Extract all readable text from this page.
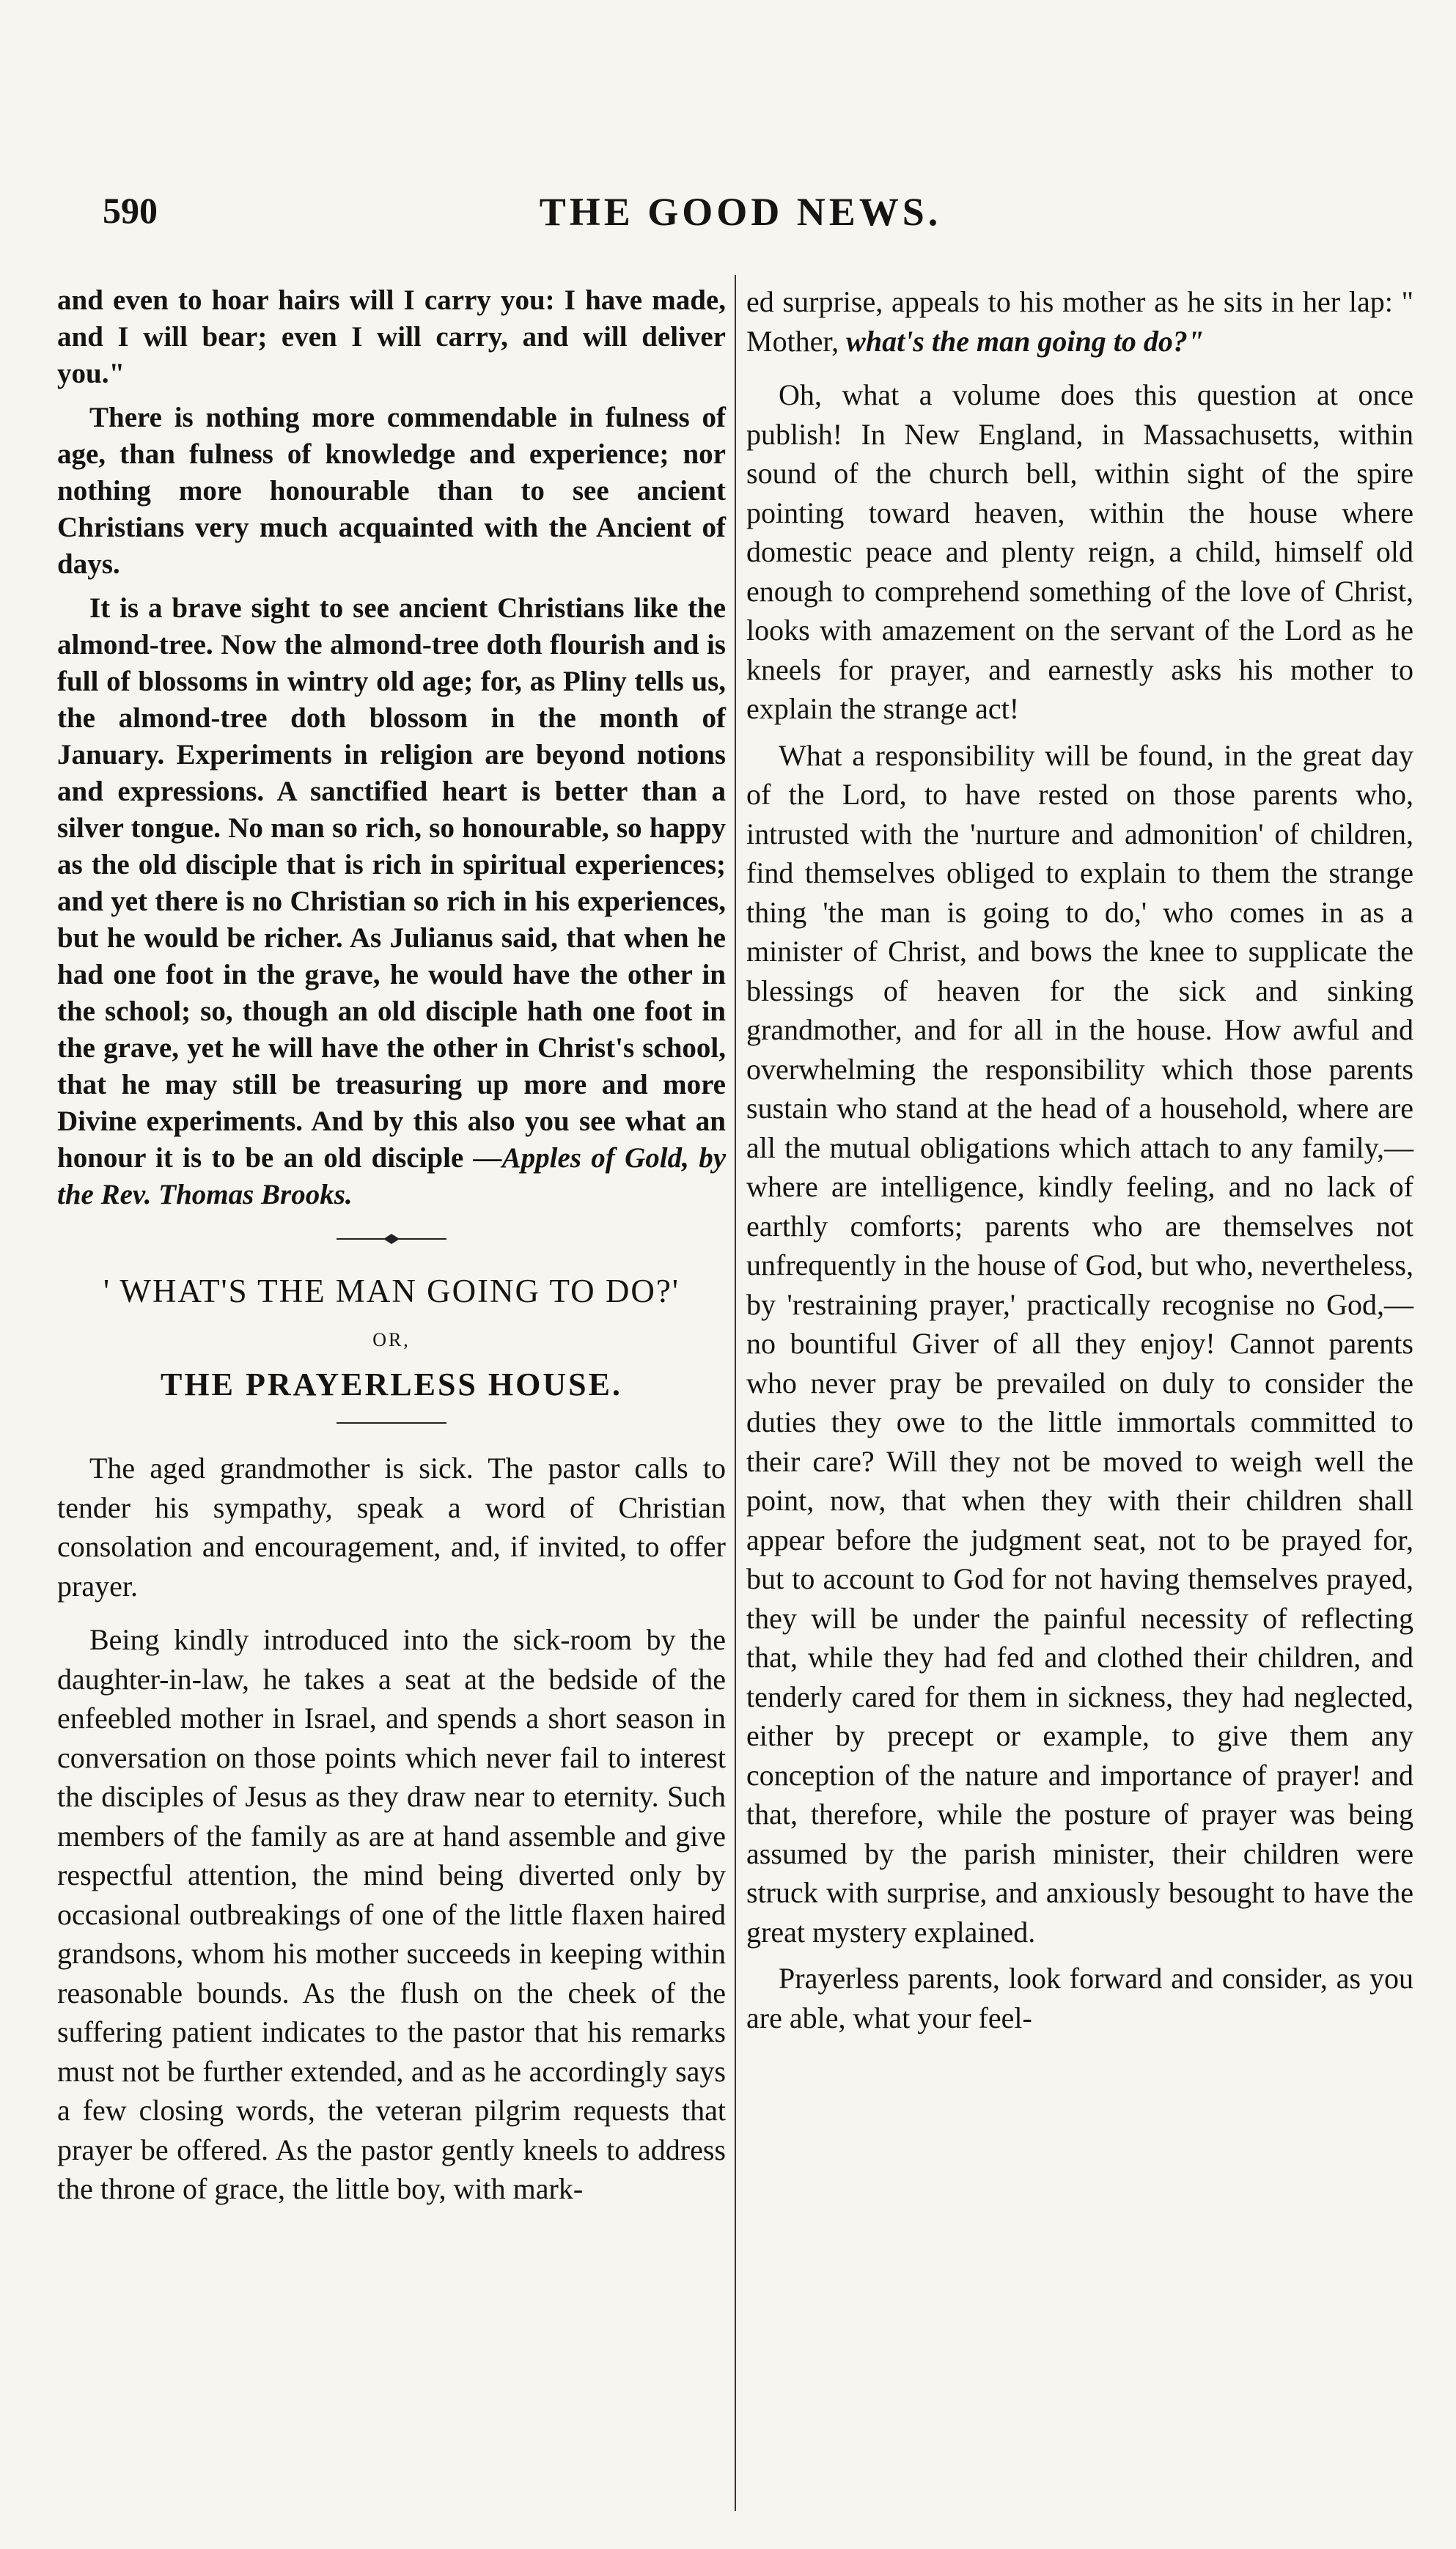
590	THE GOOD NEWS.

and even to hoar hairs will I carry you: I have made, and I will bear; even I will carry, and will deliver you."

There is nothing more commendable in fulness of age, than fulness of knowledge and experience; nor nothing more honourable than to see ancient Christians very much acquainted with the Ancient of days.

It is a brave sight to see ancient Christians like the almond-tree. Now the almond-tree doth flourish and is full of blossoms in wintry old age; for, as Pliny tells us, the almond-tree doth blossom in the month of January. Experiments in religion are beyond notions and expressions. A sanctified heart is better than a silver tongue. No man so rich, so honourable, so happy as the old disciple that is rich in spiritual experiences; and yet there is no Christian so rich in his experiences, but he would be richer. As Julianus said, that when he had one foot in the grave, he would have the other in the school; so, though an old disciple hath one foot in the grave, yet he will have the other in Christ's school, that he may still be treasuring up more and more Divine experiments. And by this also you see what an honour it is to be an old disciple —Apples of Gold, by the Rev. Thomas Brooks.

' WHAT'S THE MAN GOING TO DO?'
OR,
THE PRAYERLESS HOUSE.

The aged grandmother is sick. The pastor calls to tender his sympathy, speak a word of Christian consolation and encouragement, and, if invited, to offer prayer.

Being kindly introduced into the sick-room by the daughter-in-law, he takes a seat at the bedside of the enfeebled mother in Israel, and spends a short season in conversation on those points which never fail to interest the disciples of Jesus as they draw near to eternity. Such members of the family as are at hand assemble and give respectful attention, the mind being diverted only by occasional outbreakings of one of the little flaxen haired grandsons, whom his mother succeeds in keeping within reasonable bounds. As the flush on the cheek of the suffering patient indicates to the pastor that his remarks must not be further extended, and as he accordingly says a few closing words, the veteran pilgrim requests that prayer be offered. As the pastor gently kneels to address the throne of grace, the little boy, with mark-

ed surprise, appeals to his mother as he sits in her lap: " Mother, what's the man going to do?"

Oh, what a volume does this question at once publish! In New England, in Massachusetts, within sound of the church bell, within sight of the spire pointing toward heaven, within the house where domestic peace and plenty reign, a child, himself old enough to comprehend something of the love of Christ, looks with amazement on the servant of the Lord as he kneels for prayer, and earnestly asks his mother to explain the strange act!

What a responsibility will be found, in the great day of the Lord, to have rested on those parents who, intrusted with the 'nurture and admonition' of children, find themselves obliged to explain to them the strange thing 'the man is going to do,' who comes in as a minister of Christ, and bows the knee to supplicate the blessings of heaven for the sick and sinking grandmother, and for all in the house. How awful and overwhelming the responsibility which those parents sustain who stand at the head of a household, where are all the mutual obligations which attach to any family,—where are intelligence, kindly feeling, and no lack of earthly comforts; parents who are themselves not unfrequently in the house of God, but who, nevertheless, by 'restraining prayer,' practically recognise no God,—no bountiful Giver of all they enjoy! Cannot parents who never pray be prevailed on duly to consider the duties they owe to the little immortals committed to their care? Will they not be moved to weigh well the point, now, that when they with their children shall appear before the judgment seat, not to be prayed for, but to account to God for not having themselves prayed, they will be under the painful necessity of reflecting that, while they had fed and clothed their children, and tenderly cared for them in sickness, they had neglected, either by precept or example, to give them any conception of the nature and importance of prayer! and that, therefore, while the posture of prayer was being assumed by the parish minister, their children were struck with surprise, and anxiously besought to have the great mystery explained.

Prayerless parents, look forward and consider, as you are able, what your feel-
